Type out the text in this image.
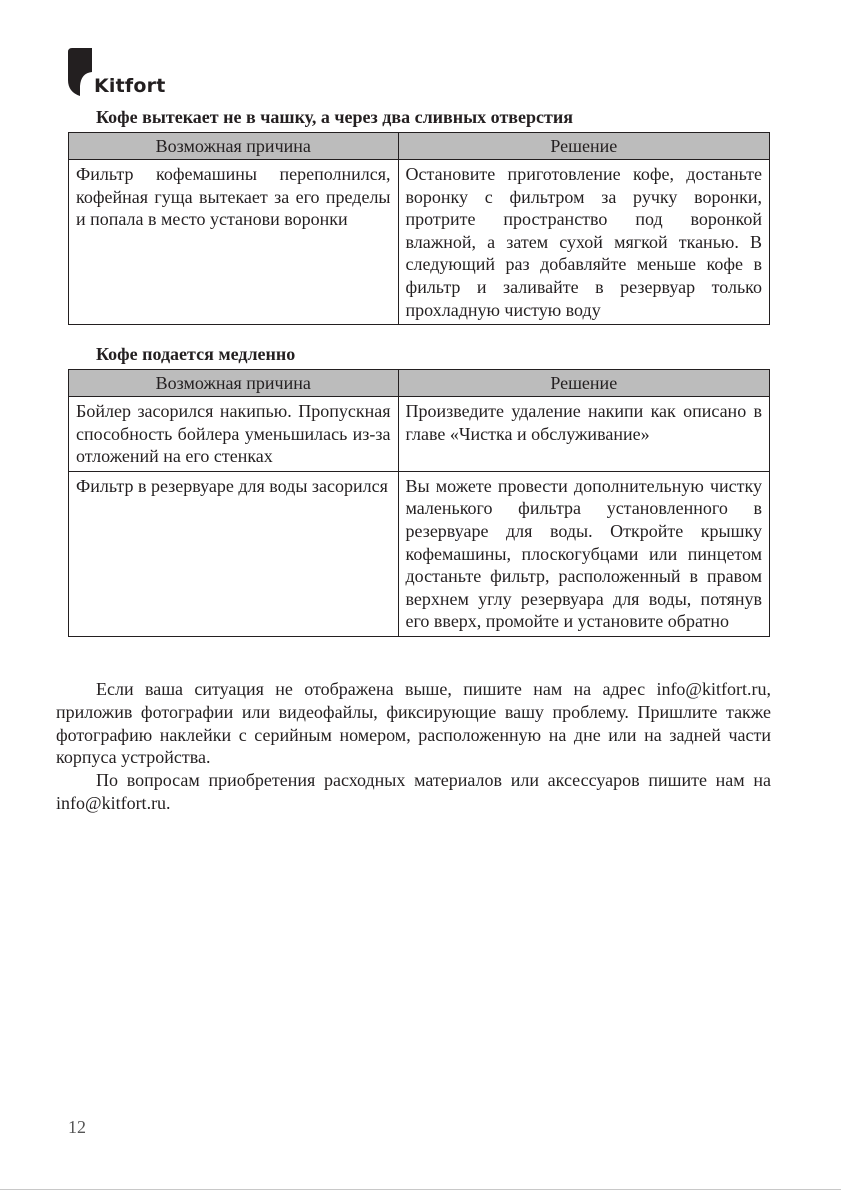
Kitfort
Кофе вытекает не в чашку, а через два сливных отверстия
Возможная причина	Решение
Фильтр кофемашины переполнился, кофейная гуща вытекает за его пределы и попала в место установи воронки	Остановите приготовление кофе, достаньте воронку с фильтром за ручку воронки, протрите пространство под воронкой влажной, а затем сухой мягкой тканью. В следующий раз добавляйте меньше кофе в фильтр и заливайте в резервуар только прохладную чистую воду
Кофе подается медленно
Возможная причина	Решение
Бойлер засорился накипью. Пропускная способность бойлера уменьшилась из-за отложений на его стенках	Произведите удаление накипи как описано в главе «Чистка и обслуживание»
Фильтр в резервуаре для воды засорился	Вы можете провести дополнительную чистку маленького фильтра установленного в резервуаре для воды. Откройте крышку кофемашины, плоскогубцами или пинцетом достаньте фильтр, расположенный в правом верхнем углу резервуара для воды, потянув его вверх, промойте и установите обратно

Если ваша ситуация не отображена выше, пишите нам на адрес info@kitfort.ru, приложив фотографии или видеофайлы, фиксирующие вашу проблему. Пришлите также фотографию наклейки с серийным номером, расположенную на дне или на задней части корпуса устройства.

По вопросам приобретения расходных материалов или аксессуаров пишите нам на info@kitfort.ru.

12
